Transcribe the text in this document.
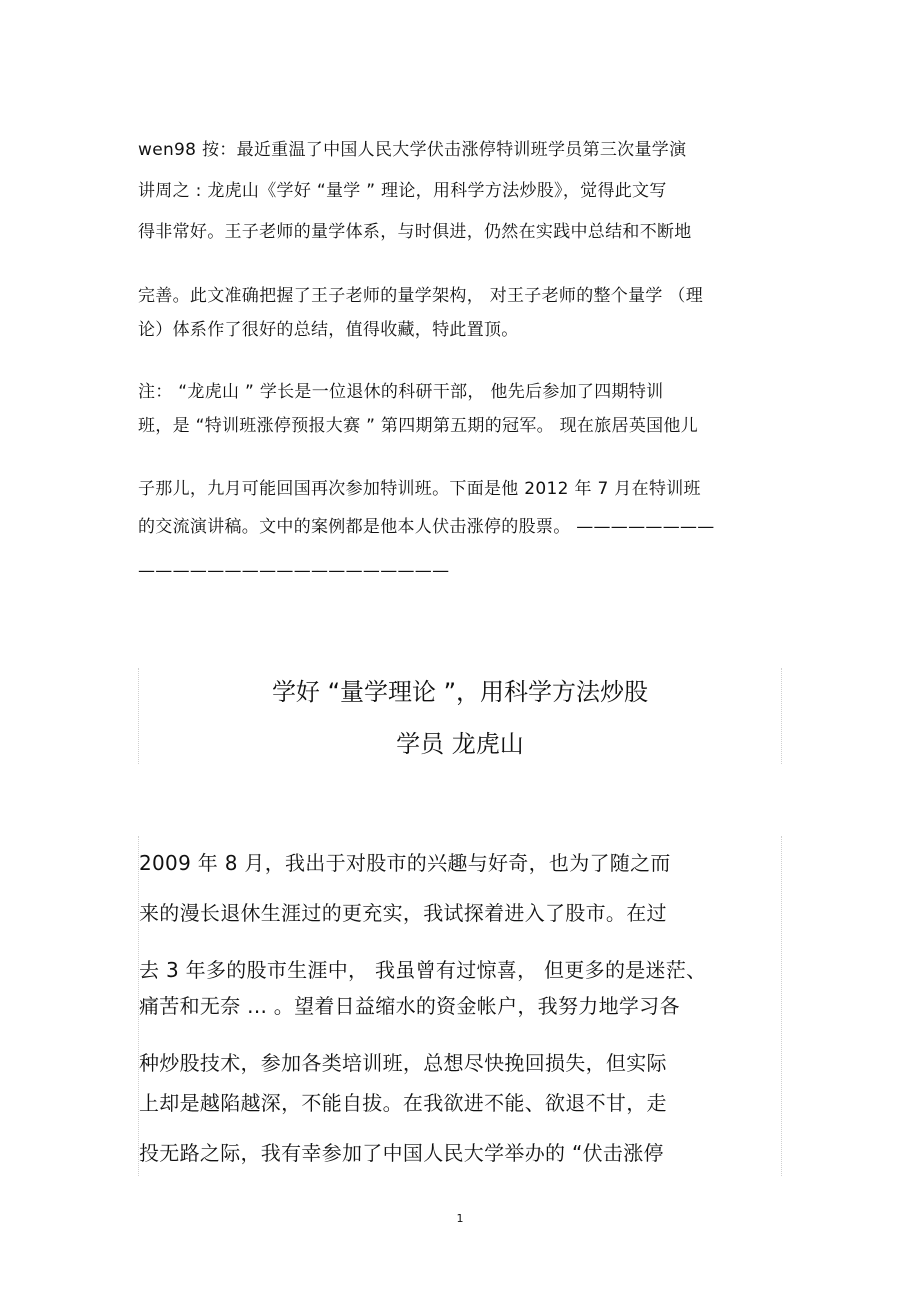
wen98 按：最近重温了中国人民大学伏击涨停特训班学员第三次量学演
讲周之 : 龙虎山《学好 “量学 ” 理论，用科学方法炒股》，觉得此文写
得非常好。王子老师的量学体系，与时俱进，仍然在实践中总结和不断地
完善。此文准确把握了王子老师的量学架构， 对王子老师的整个量学 （理
论）体系作了很好的总结，值得收藏，特此置顶。
注： “龙虎山 ” 学长是一位退休的科研干部， 他先后参加了四期特训
班，是 “特训班涨停预报大赛 ” 第四期第五期的冠军。 现在旅居英国他儿
子那儿，九月可能回国再次参加特训班。下面是他 2012 年 7 月在特训班
的交流演讲稿。文中的案例都是他本人伏击涨停的股票。 ————————
——————————————————
学好 “量学理论 ”，用科学方法炒股
学员 龙虎山
2009 年 8 月，我出于对股市的兴趣与好奇，也为了随之而
来的漫长退休生涯过的更充实，我试探着进入了股市。在过
去 3 年多的股市生涯中， 我虽曾有过惊喜， 但更多的是迷茫、
痛苦和无奈 ... 。望着日益缩水的资金帐户，我努力地学习各
种炒股技术，参加各类培训班，总想尽快挽回损失，但实际
上却是越陷越深，不能自拔。在我欲进不能、欲退不甘，走
投无路之际，我有幸参加了中国人民大学举办的 “伏击涨停
1
